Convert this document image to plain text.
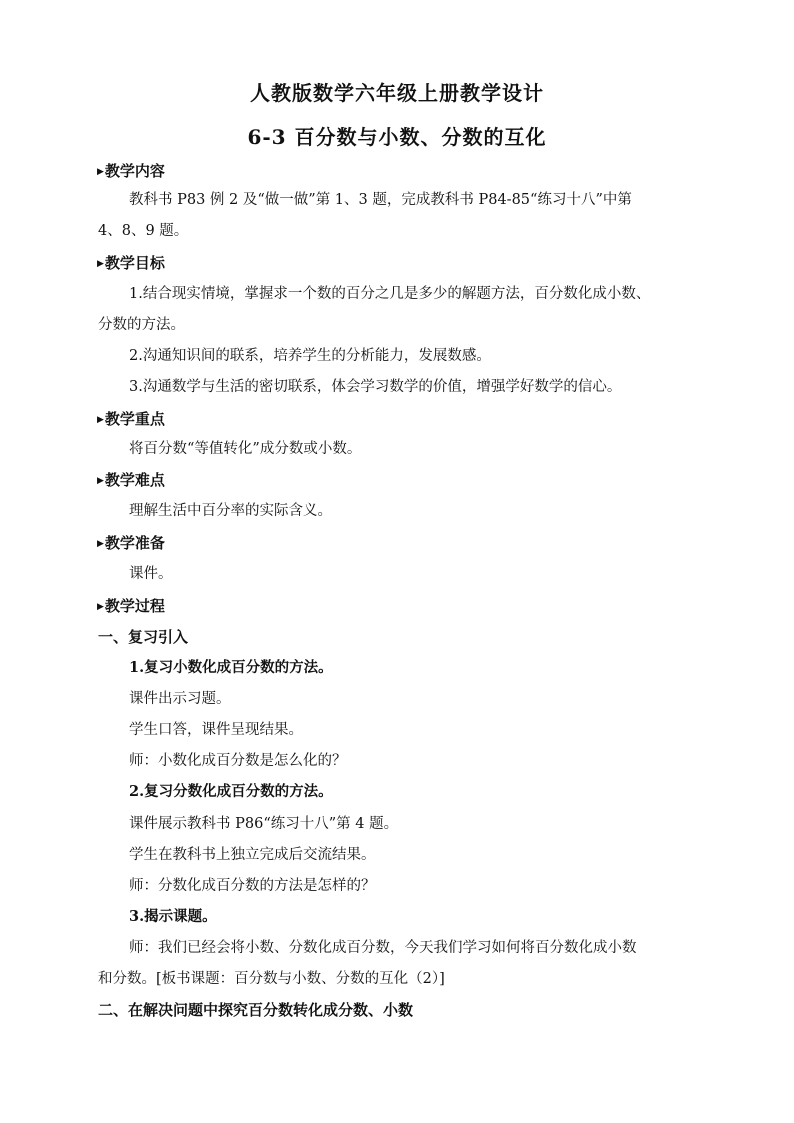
人教版数学六年级上册教学设计
6-3 百分数与小数、分数的互化
▶教学内容
教科书 P83 例 2 及“做一做”第 1、3 题，完成教科书 P84-85“练习十八”中第
4、8、9 题。
▶教学目标
1.结合现实情境，掌握求一个数的百分之几是多少的解题方法，百分数化成小数、
分数的方法。
2.沟通知识间的联系，培养学生的分析能力，发展数感。
3.沟通数学与生活的密切联系，体会学习数学的价值，增强学好数学的信心。
▶教学重点
将百分数“等值转化”成分数或小数。
▶教学难点
理解生活中百分率的实际含义。
▶教学准备
课件。
▶教学过程
一、复习引入
1.复习小数化成百分数的方法。
课件出示习题。
学生口答，课件呈现结果。
师：小数化成百分数是怎么化的？
2.复习分数化成百分数的方法。
课件展示教科书 P86“练习十八”第 4 题。
学生在教科书上独立完成后交流结果。
师：分数化成百分数的方法是怎样的？
3.揭示课题。
师：我们已经会将小数、分数化成百分数，今天我们学习如何将百分数化成小数
和分数。[板书课题：百分数与小数、分数的互化（2）]
二、在解决问题中探究百分数转化成分数、小数
